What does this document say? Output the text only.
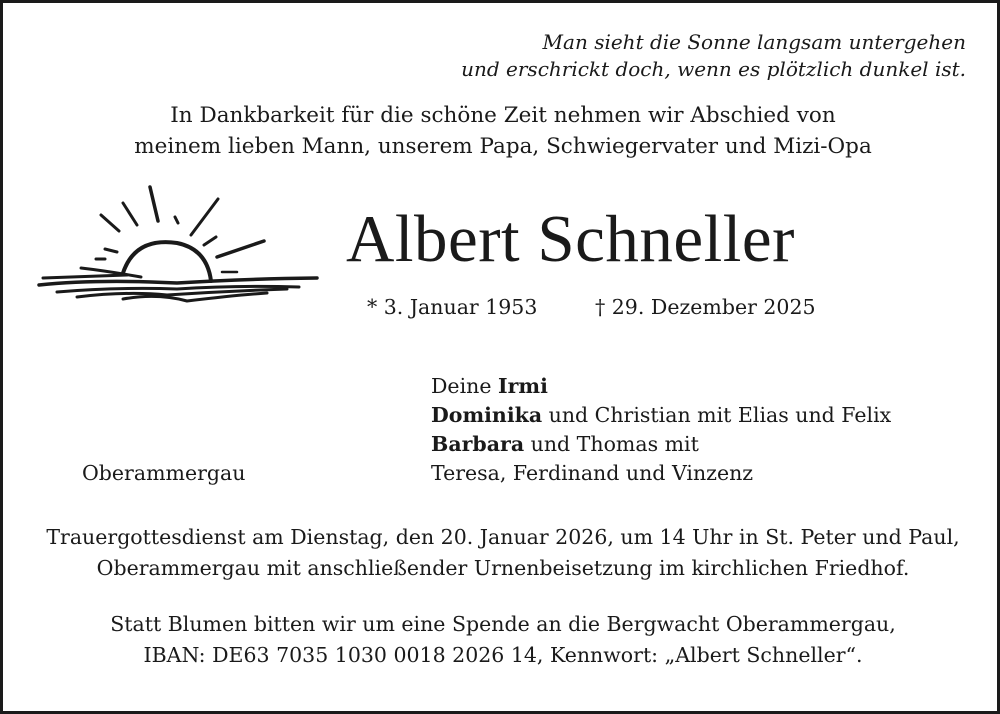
Man sieht die Sonne langsam untergehen
und erschrickt doch, wenn es plötzlich dunkel ist.
In Dankbarkeit für die schöne Zeit nehmen wir Abschied von
meinem lieben Mann, unserem Papa, Schwiegervater und Mizi-Opa
Albert Schneller
* 3. Januar 1953	† 29. Dezember 2025
Deine Irmi
Dominika und Christian mit Elias und Felix
Barbara und Thomas mit
Teresa, Ferdinand und Vinzenz
Oberammergau
Trauergottesdienst am Dienstag, den 20. Januar 2026, um 14 Uhr in St. Peter und Paul,
Oberammergau mit anschließender Urnenbeisetzung im kirchlichen Friedhof.
Statt Blumen bitten wir um eine Spende an die Bergwacht Oberammergau,
IBAN: DE63 7035 1030 0018 2026 14, Kennwort: „Albert Schneller“.
